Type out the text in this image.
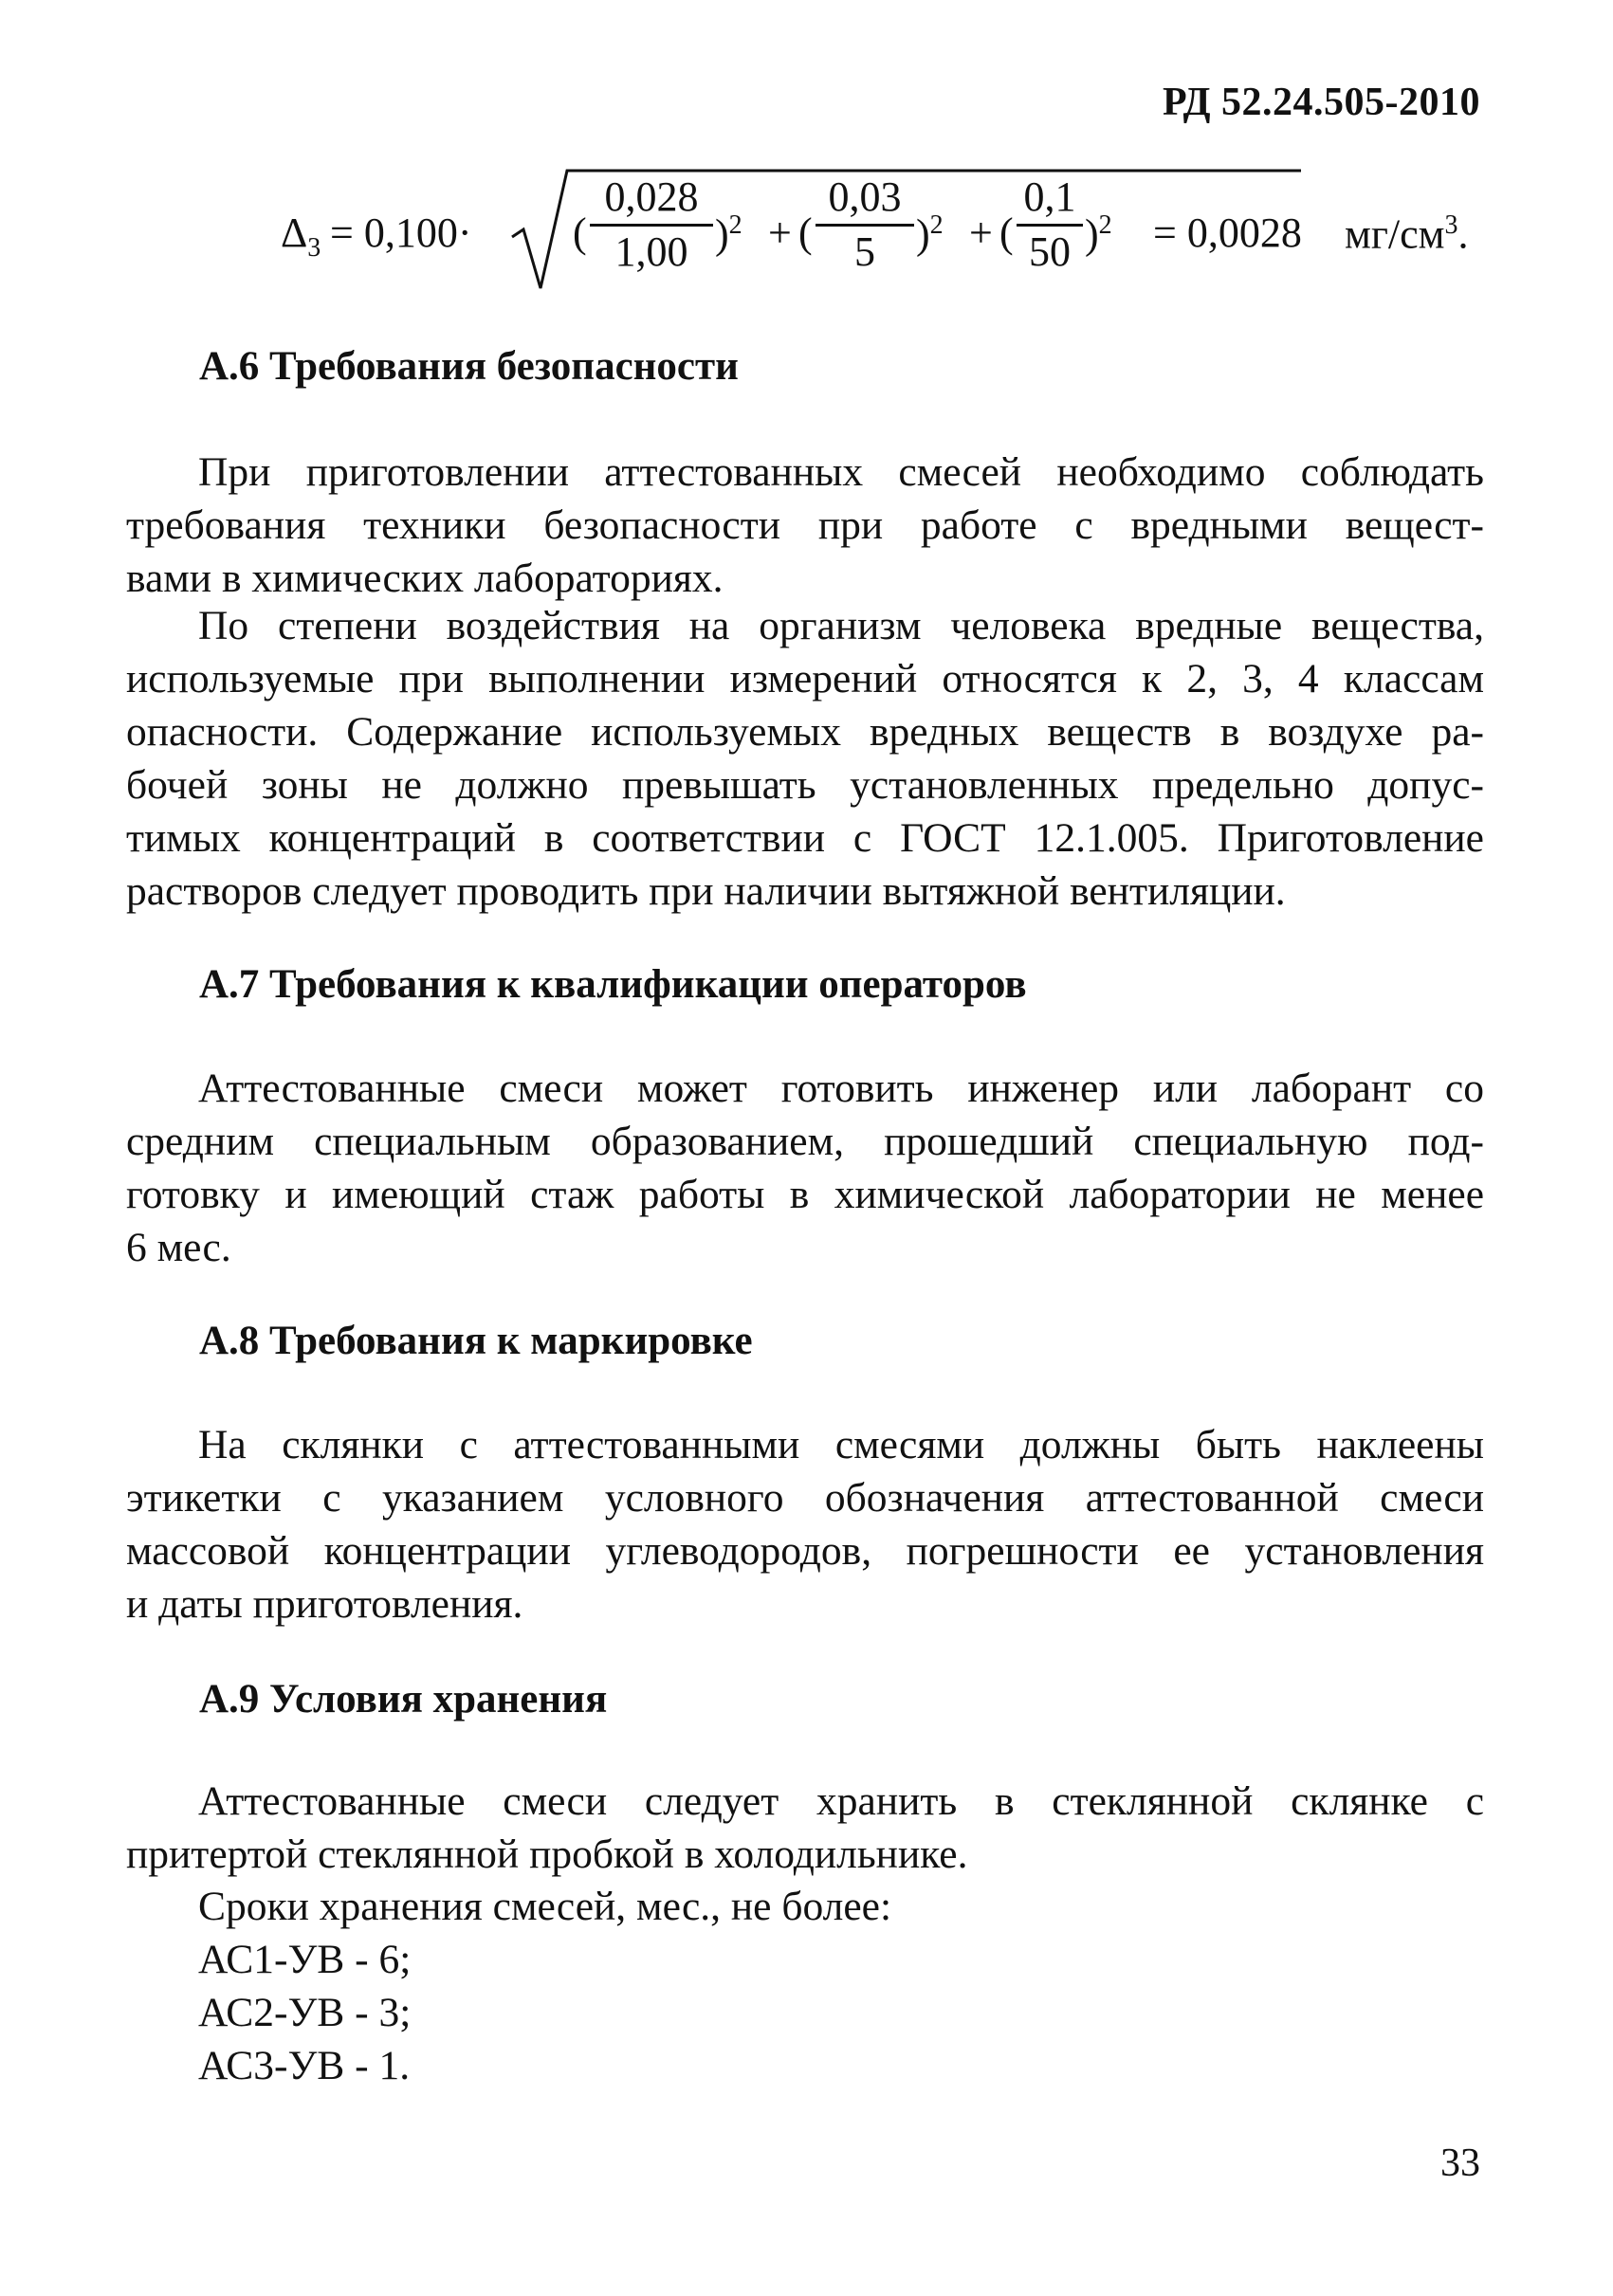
РД 52.24.505-2010
$\Delta_3 = 0,100\cdot$ (
0,028
1,00 )$^2$ + (
0,03
5 )$^2$ + (
0,1
50 )$^2$ = 0,0028 $мг/см^3$.
А.6 Требования безопасности
При приготовлении аттестованных смесей необходимо соблюдать
требования техники безопасности при работе с вредными вещест-
вами в химических лабораториях.
По степени воздействия на организм человека вредные вещества,
используемые при выполнении измерений относятся к 2, 3, 4 классам
опасности. Содержание используемых вредных веществ в воздухе ра-
бочей зоны не должно превышать установленных предельно допус-
тимых концентраций в соответствии с ГОСТ 12.1.005. Приготовление
растворов следует проводить при наличии вытяжной вентиляции.
А.7 Требования к квалификации операторов
Аттестованные смеси может готовить инженер или лаборант со
средним специальным образованием, прошедший специальную под-
готовку и имеющий стаж работы в химической лаборатории не менее
6 мес.
А.8 Требования к маркировке
На склянки с аттестованными смесями должны быть наклеены
этикетки с указанием условного обозначения аттестованной смеси
массовой концентрации углеводородов, погрешности ее установления
и даты приготовления.
А.9 Условия хранения
Аттестованные смеси следует хранить в стеклянной склянке с
притертой стеклянной пробкой в холодильнике.
Сроки хранения смесей, мес., не более:
АС1-УВ - 6;
АС2-УВ - 3;
АС3-УВ - 1.
33
